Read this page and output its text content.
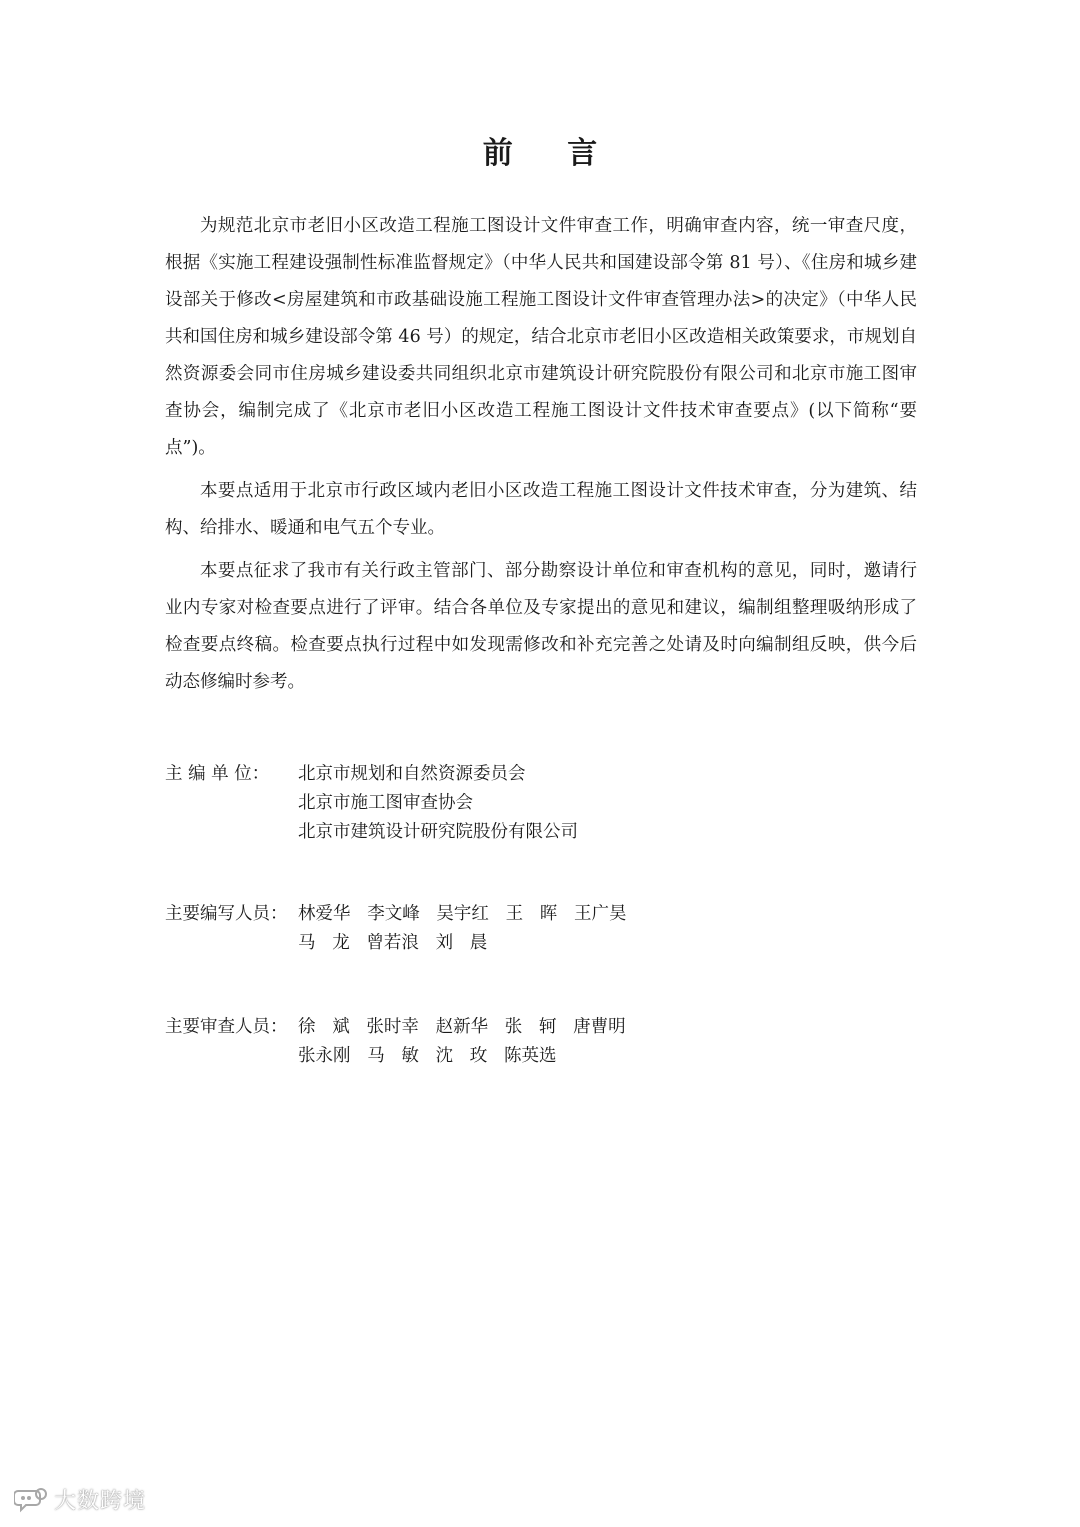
前 言

为规范北京市老旧小区改造工程施工图设计文件审查工作，明确审查内容，统一审查尺度，根据《实施工程建设强制性标准监督规定》（中华人民共和国建设部令第 81 号）、《住房和城乡建设部关于修改<房屋建筑和市政基础设施工程施工图设计文件审查管理办法>的决定》（中华人民共和国住房和城乡建设部令第 46 号）的规定，结合北京市老旧小区改造相关政策要求，市规划自然资源委会同市住房城乡建设委共同组织北京市建筑设计研究院股份有限公司和北京市施工图审查协会，编制完成了《北京市老旧小区改造工程施工图设计文件技术审查要点》(以下简称“要点”)。

本要点适用于北京市行政区域内老旧小区改造工程施工图设计文件技术审查，分为建筑、结构、给排水、暖通和电气五个专业。

本要点征求了我市有关行政主管部门、部分勘察设计单位和审查机构的意见，同时，邀请行业内专家对检查要点进行了评审。结合各单位及专家提出的意见和建议，编制组整理吸纳形成了检查要点终稿。检查要点执行过程中如发现需修改和补充完善之处请及时向编制组反映，供今后动态修编时参考。

主 编 单 位：	北京市规划和自然资源委员会
北京市施工图审查协会
北京市建筑设计研究院股份有限公司
主要编写人员： 林爱华   李文峰   吴宇红   王   晖   王广昊
马   龙   曾若浪   刘   晨
主要审查人员： 徐   斌   张时幸   赵新华   张   轲   唐曹明
张永刚   马   敏   沈   玫   陈英选
大数跨境
